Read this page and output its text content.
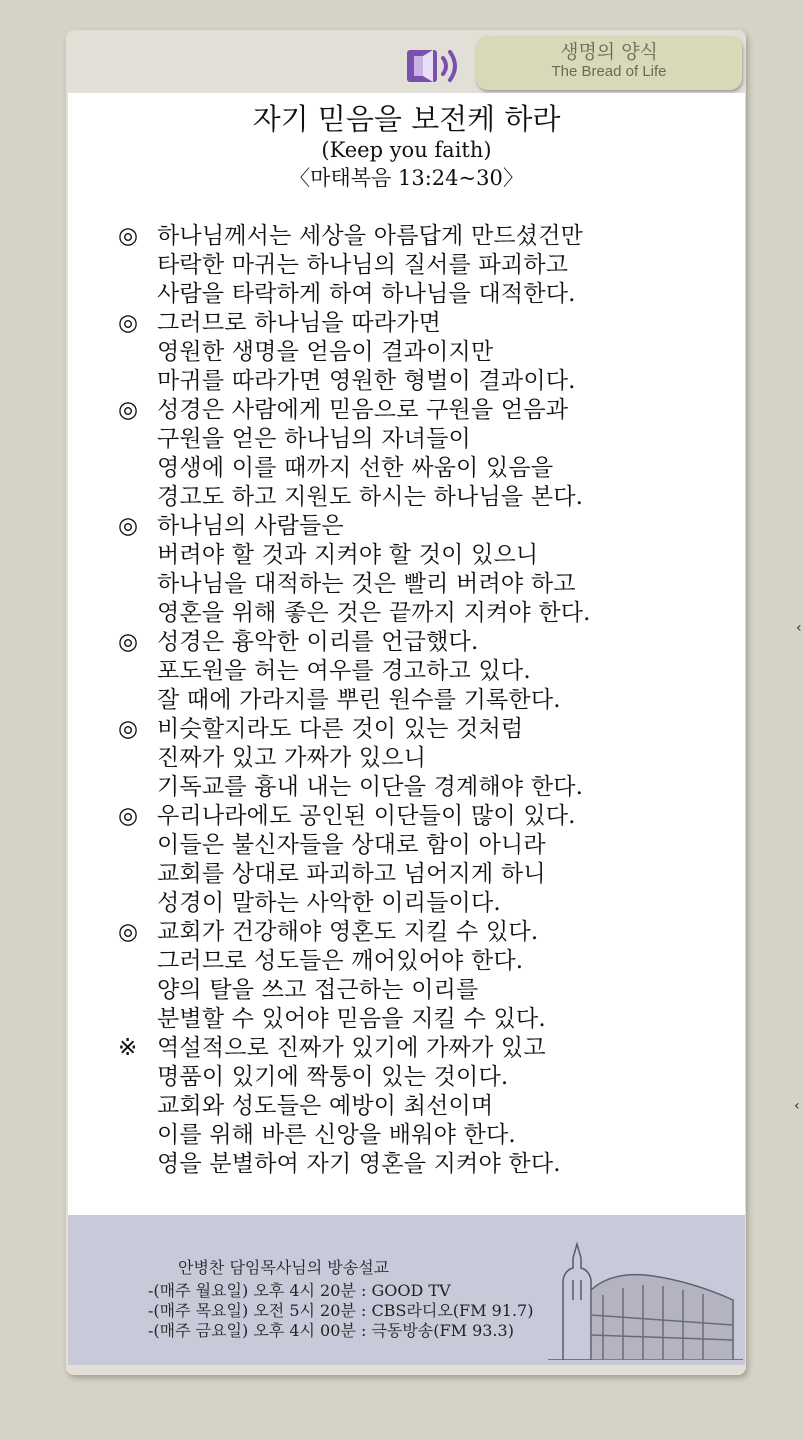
생명의 양식
The Bread of Life
자기 믿음을 보전케 하라
(Keep you faith)
〈마태복음 13:24~30〉
◎ 하나님께서는 세상을 아름답게 만드셨건만
타락한 마귀는 하나님의 질서를 파괴하고
사람을 타락하게 하여 하나님을 대적한다.
◎ 그러므로 하나님을 따라가면
영원한 생명을 얻음이 결과이지만
마귀를 따라가면 영원한 형벌이 결과이다.
◎ 성경은 사람에게 믿음으로 구원을 얻음과
구원을 얻은 하나님의 자녀들이
영생에 이를 때까지 선한 싸움이 있음을
경고도 하고 지원도 하시는 하나님을 본다.
◎ 하나님의 사람들은
버려야 할 것과 지켜야 할 것이 있으니
하나님을 대적하는 것은 빨리 버려야 하고
영혼을 위해 좋은 것은 끝까지 지켜야 한다.
◎ 성경은 흉악한 이리를 언급했다.
포도원을 허는 여우를 경고하고 있다.
잘 때에 가라지를 뿌린 원수를 기록한다.
◎ 비슷할지라도 다른 것이 있는 것처럼
진짜가 있고 가짜가 있으니
기독교를 흉내 내는 이단을 경계해야 한다.
◎ 우리나라에도 공인된 이단들이 많이 있다.
이들은 불신자들을 상대로 함이 아니라
교회를 상대로 파괴하고 넘어지게 하니
성경이 말하는 사악한 이리들이다.
◎ 교회가 건강해야 영혼도 지킬 수 있다.
그러므로 성도들은 깨어있어야 한다.
양의 탈을 쓰고 접근하는 이리를
분별할 수 있어야 믿음을 지킬 수 있다.
※ 역설적으로 진짜가 있기에 가짜가 있고
명품이 있기에 짝퉁이 있는 것이다.
교회와 성도들은 예방이 최선이며
이를 위해 바른 신앙을 배워야 한다.
영을 분별하여 자기 영혼을 지켜야 한다.
안병찬 담임목사님의 방송설교
-(매주 월요일) 오후 4시 20분 : GOOD TV
-(매주 목요일) 오전 5시 20분 : CBS라디오(FM 91.7)
-(매주 금요일) 오후 4시 00분 : 극동방송(FM 93.3)
‹
‹
